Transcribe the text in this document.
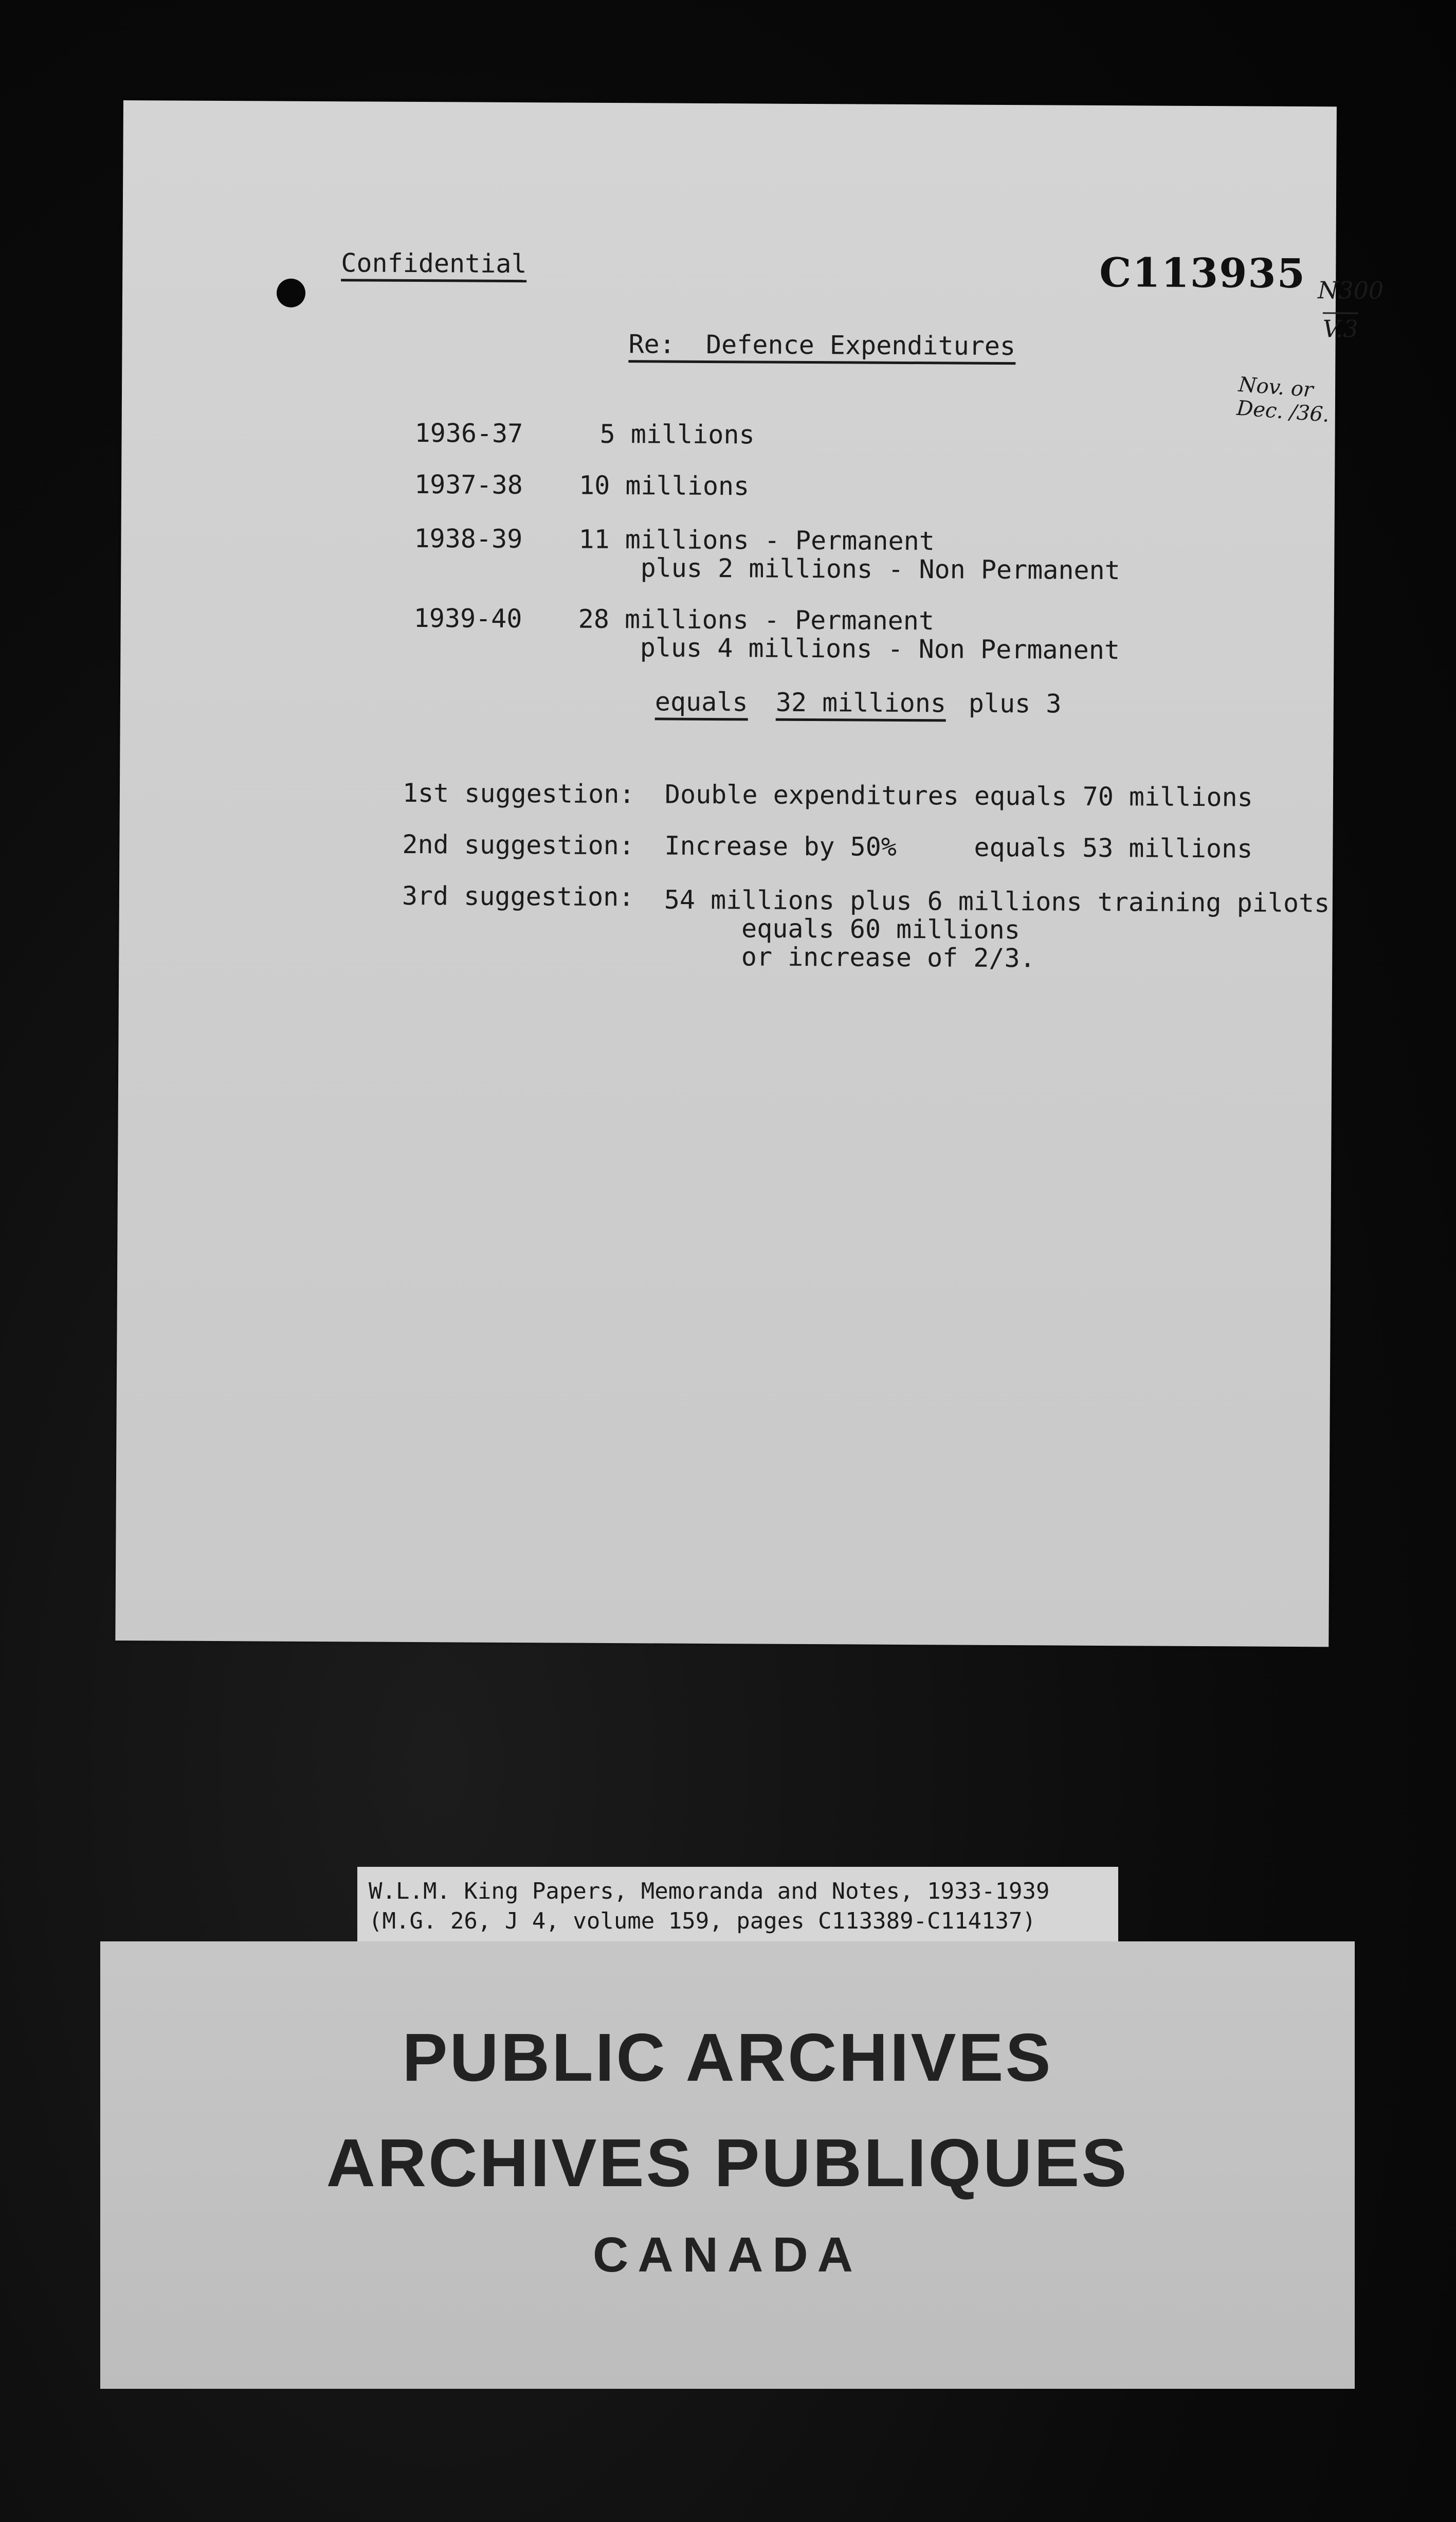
C113935 N300
V.3
Nov. or Dec. /36.
Confidential
Re:  Defence Expenditures
1936-37	5 millions
1937-38 10 millions
1938-39 11 millions - Permanent
plus 2 millions - Non Permanent
1939-40 28 millions - Permanent
plus 4 millions - Non Permanent
equals 32 millions plus 3
1st suggestion: Double expenditures equals 70 millions
2nd suggestion: Increase by 50%     equals 53 millions
3rd suggestion: 54 millions plus 6 millions training pilots
equals 60 millions
or increase of 2/3.
W.L.M. King Papers, Memoranda and Notes, 1933-1939
(M.G. 26, J 4, volume 159, pages C113389-C114137)
PUBLIC ARCHIVES
ARCHIVES PUBLIQUES
CANADA
